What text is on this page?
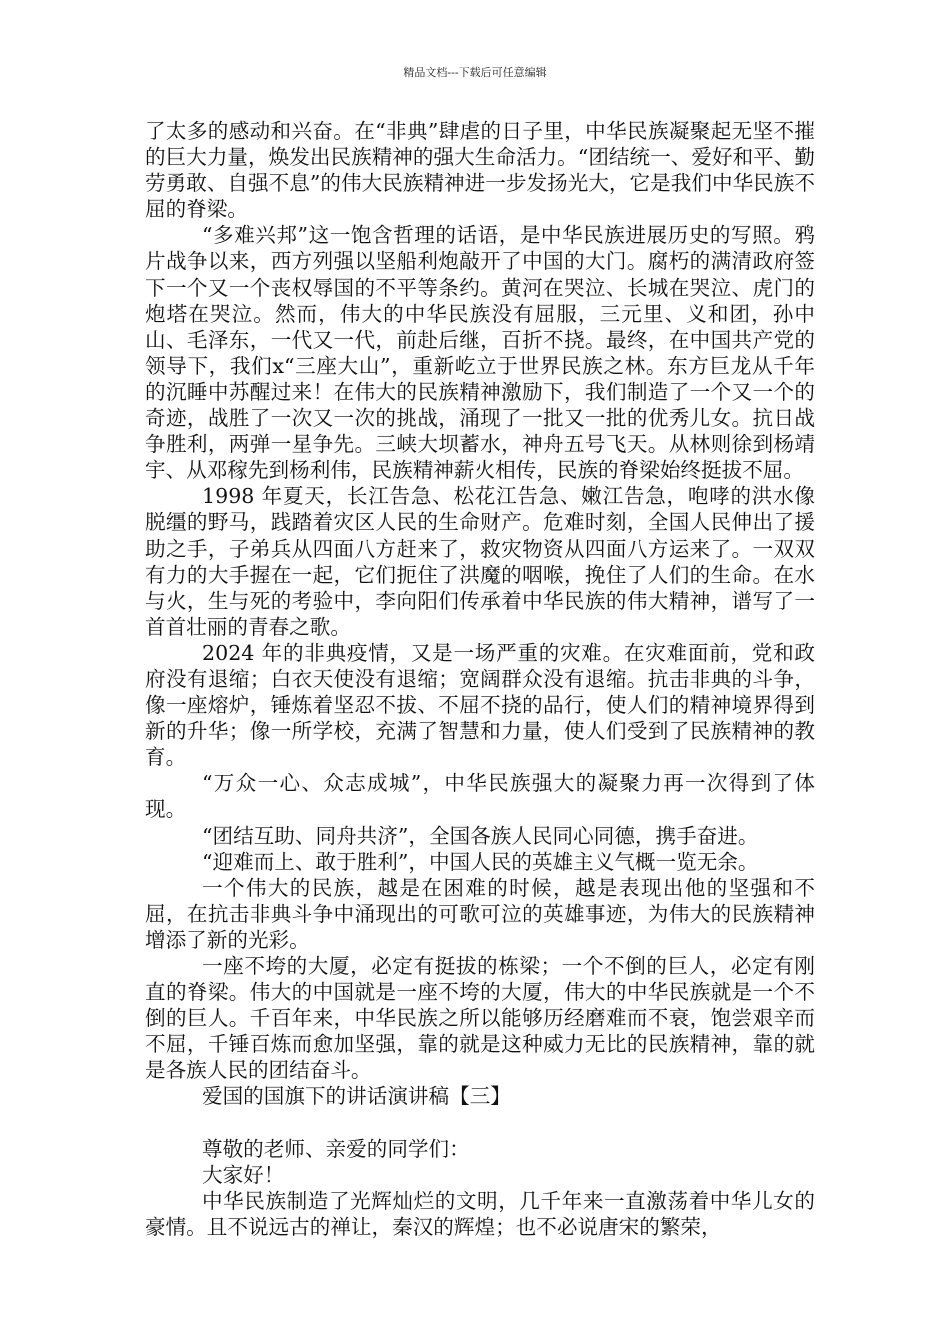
精品文档---下载后可任意编辑

了太多的感动和兴奋。在“非典”肆虐的日子里，中华民族凝聚起无坚不摧的巨大力量，焕发出民族精神的强大生命活力。“团结统一、爱好和平、勤劳勇敢、自强不息”的伟大民族精神进一步发扬光大，它是我们中华民族不屈的脊梁。

“多难兴邦”这一饱含哲理的话语，是中华民族进展历史的写照。鸦片战争以来，西方列强以坚船利炮敲开了中国的大门。腐朽的满清政府签下一个又一个丧权辱国的不平等条约。黄河在哭泣、长城在哭泣、虎门的炮塔在哭泣。然而，伟大的中华民族没有屈服，三元里、义和团，孙中山、毛泽东，一代又一代，前赴后继，百折不挠。最终，在中国共产党的领导下，我们x“三座大山”，重新屹立于世界民族之林。东方巨龙从千年的沉睡中苏醒过来！在伟大的民族精神激励下，我们制造了一个又一个的奇迹，战胜了一次又一次的挑战，涌现了一批又一批的优秀儿女。抗日战争胜利，两弹一星争先。三峡大坝蓄水，神舟五号飞天。从林则徐到杨靖宇、从邓稼先到杨利伟，民族精神薪火相传，民族的脊梁始终挺拔不屈。

1998 年夏天，长江告急、松花江告急、嫩江告急，咆哮的洪水像脱缰的野马，践踏着灾区人民的生命财产。危难时刻，全国人民伸出了援助之手，子弟兵从四面八方赶来了，救灾物资从四面八方运来了。一双双有力的大手握在一起，它们扼住了洪魔的咽喉，挽住了人们的生命。在水与火，生与死的考验中，李向阳们传承着中华民族的伟大精神，谱写了一首首壮丽的青春之歌。

2024 年的非典疫情，又是一场严重的灾难。在灾难面前，党和政府没有退缩；白衣天使没有退缩；宽阔群众没有退缩。抗击非典的斗争，像一座熔炉，锤炼着坚忍不拔、不屈不挠的品行，使人们的精神境界得到新的升华；像一所学校，充满了智慧和力量，使人们受到了民族精神的教育。

“万众一心、众志成城”，中华民族强大的凝聚力再一次得到了体现。

“团结互助、同舟共济”，全国各族人民同心同德，携手奋进。

“迎难而上、敢于胜利”，中国人民的英雄主义气概一览无余。

一个伟大的民族，越是在困难的时候，越是表现出他的坚强和不屈，在抗击非典斗争中涌现出的可歌可泣的英雄事迹，为伟大的民族精神增添了新的光彩。

一座不垮的大厦，必定有挺拔的栋梁；一个不倒的巨人，必定有刚直的脊梁。伟大的中国就是一座不垮的大厦，伟大的中华民族就是一个不倒的巨人。千百年来，中华民族之所以能够历经磨难而不衰，饱尝艰辛而不屈，千锤百炼而愈加坚强，靠的就是这种威力无比的民族精神，靠的就是各族人民的团结奋斗。

爱国的国旗下的讲话演讲稿【三】

尊敬的老师、亲爱的同学们：

大家好！

中华民族制造了光辉灿烂的文明，几千年来一直激荡着中华儿女的豪情。且不说远古的禅让，秦汉的辉煌；也不必说唐宋的繁荣，
